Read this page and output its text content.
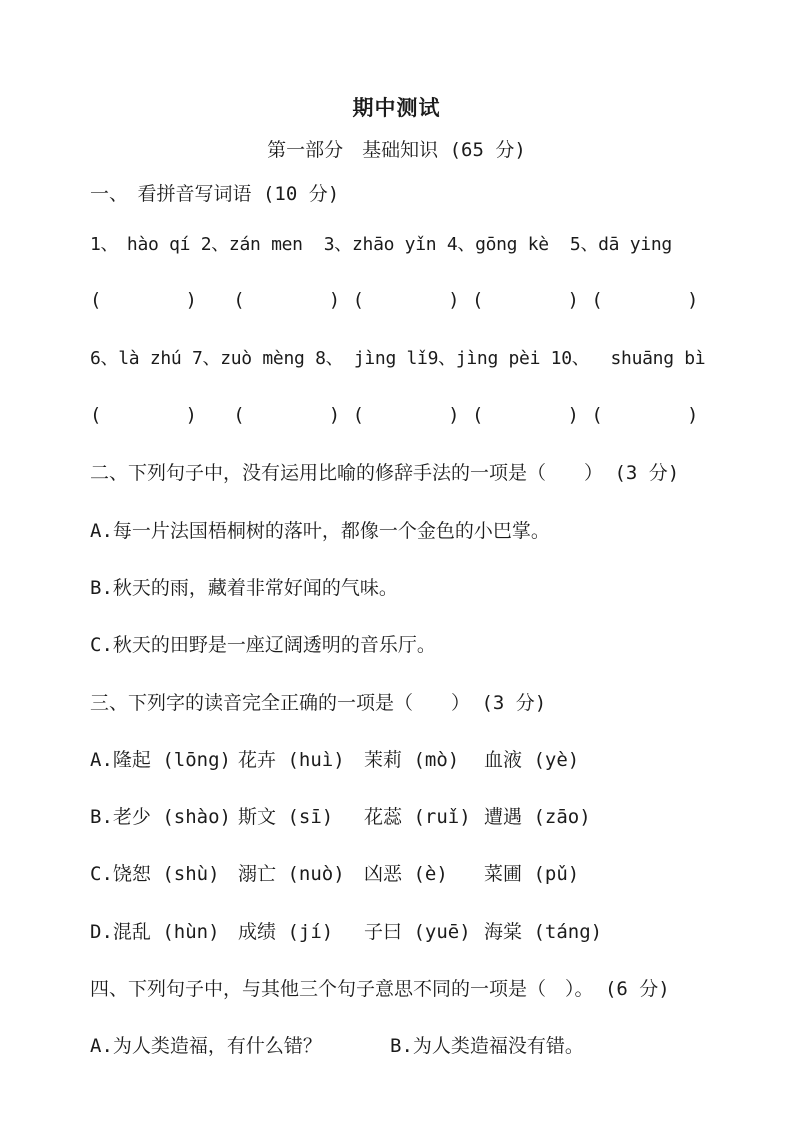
期中测试
第一部分　基础知识 (65 分)
一、　看拼音写词语 (10 分)
1、　hào qí 2、zán men  3、zhāo yǐn 4、gōng kè  5、dā ying
(       )   (       ) (       ) (       ) (       )
6、là zhú 7、zuò mèng 8、 jìng lǐ9、jìng pèi 10、  shuāng bì
(       )   (       ) (       ) (       ) (       )
二、下列句子中，没有运用比喻的修辞手法的一项是（　　） (3 分)
A.每一片法国梧桐树的落叶，都像一个金色的小巴掌。
B.秋天的雨，藏着非常好闻的气味。
C.秋天的田野是一座辽阔透明的音乐厅。
三、下列字的读音完全正确的一项是（　　） (3 分)
A.隆起 (lōng) 花卉 (huì)	茉莉 (mò)	血液 (yè)
B.老少 (shào) 斯文 (sī)	花蕊 (ruǐ) 遭遇 (zāo)
C.饶恕 (shù) 溺亡 (nuò)	凶恶 (è)	菜圃 (pǔ)
D.混乱 (hùn) 成绩 (jí)	子曰 (yuē) 海棠 (táng)
四、下列句子中，与其他三个句子意思不同的一项是（　）。 (6 分)
A.为人类造福，有什么错？	B.为人类造福没有错。
